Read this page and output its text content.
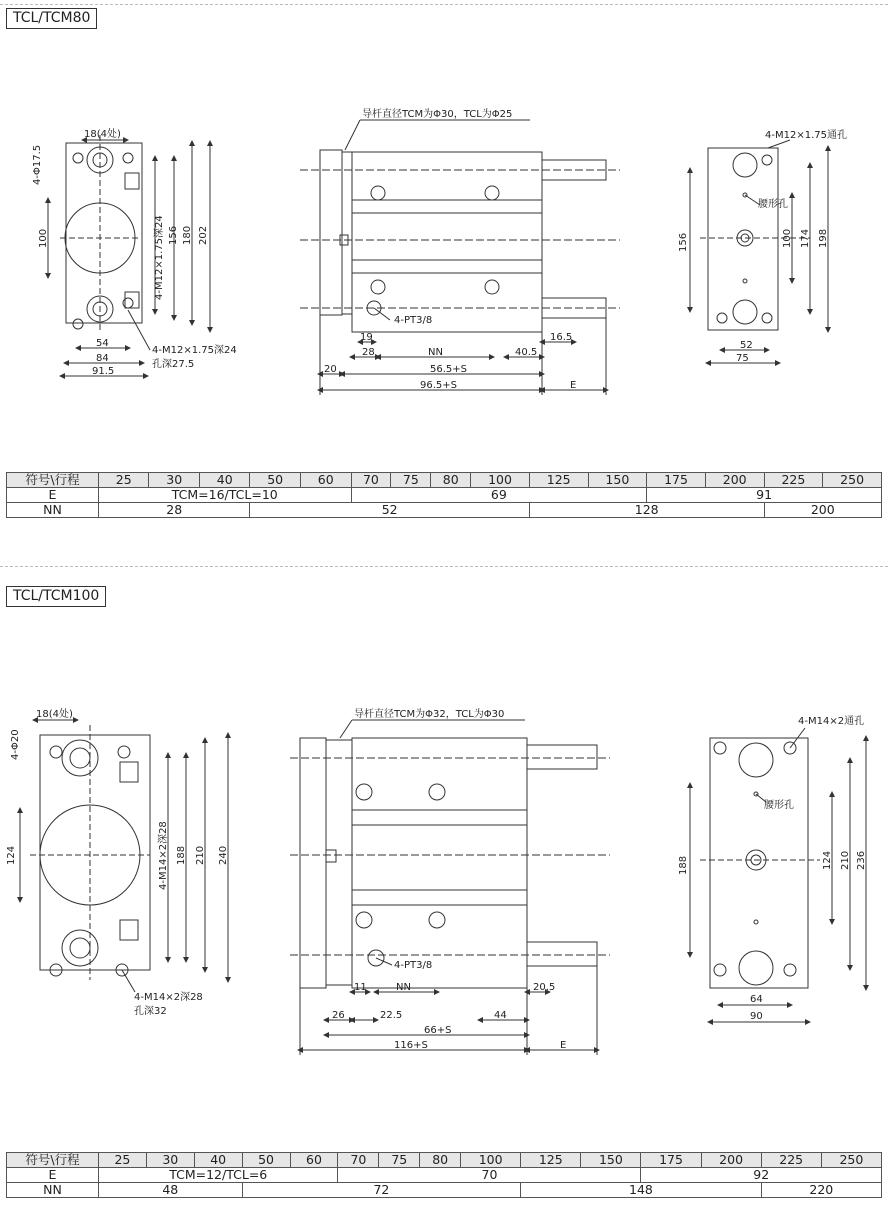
TCL/TCM80
18(4处)
4-Φ17.5
100	4-M12×1.75深24 156 180 202
54
84
91.5
4-M12×1.75深24
孔深27.5
导杆直径TCM为Φ30，TCL为Φ25
4-PT3/8
19
28	NN
16.5
40.5
20	56.5+S
96.5+S	E
4-M12×1.75通孔
腰形孔
156	100 174 198
52
75
符号\行程	25	30	40	50	60	70	75	80	100	125	150	175	200	225	250
E	TCM=16/TCL=10					69						91			
NN	28			52						128				200	
TCL/TCM100
18(4处)
4-Φ20
124	4-M14×2深28 188 210 240
4-M14×2深28
孔深32
导杆直径TCM为Φ32，TCL为Φ30
4-PT3/8
11	NN	20.5
26	22.5	44
66+S
116+S	E
4-M14×2通孔
腰形孔
188	124 210 236
64
90
符号\行程	25	30	40	50	60	70	75	80	100	125	150	175	200	225	250
E	TCM=12/TCL=6					70						92			
NN	48			72						148				220	
